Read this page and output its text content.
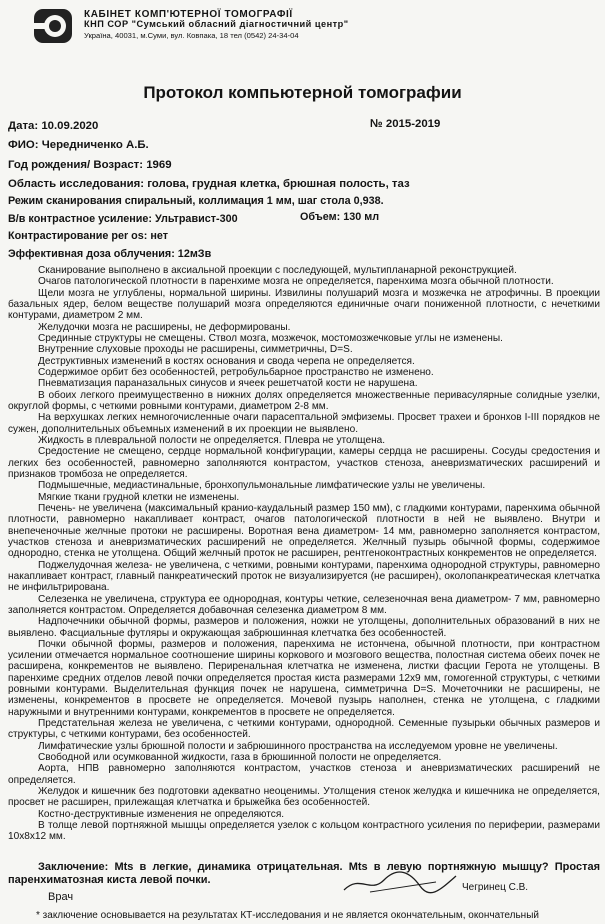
КАБІНЕТ КОМП'ЮТЕРНОЇ ТОМОГРАФІЇ
КНП СОР "Сумський обласний діагностичний центр"
Україна, 40031, м.Суми, вул. Ковпака, 18 тел (0542) 24-34-04
Протокол компьютерной томографии
Дата: 10.09.2020	№ 2015-2019
ФИО: Чередниченко А.Б.
Год рождения/ Возраст: 1969
Область исследования: голова, грудная клетка, брюшная полость, таз
Режим сканирования спиральный, коллимация 1 мм, шаг стола 0,938.
В/в контрастное усиление: Ультравист-300	Объем: 130 мл
Контрастирование per os: нет
Эффективная доза облучения: 12мЗв

Сканирование выполнено в аксиальной проекции с последующей, мультипланарной реконструкцией.

Очагов патологической плотности в паренхиме мозга не определяется, паренхима мозга обычной плотности.

Щели мозга не углублены, нормальной ширины. Извилины полушарий мозга и мозжечка не атрофичны. В проекции базальных ядер, белом веществе полушарий мозга определяются единичные очаги пониженной плотности, с нечеткими контурами, диаметром 2 мм.

Желудочки мозга не расширены, не деформированы.

Срединные структуры не смещены. Ствол мозга, мозжечок, мостомозжечковые углы не изменены.

Внутренние слуховые проходы не расширены, симметричны, D=S.

Деструктивных изменений в костях основания и свода черепа не определяется.

Содержимое орбит без особенностей, ретробульбарное пространство не изменено.

Пневматизация параназальных синусов и ячеек решетчатой кости не нарушена.

В обоих легкого преимущественно в нижних долях определяется множественные перивасулярные солидные узелки, округлой формы, с четкими ровными контурами, диаметром 2-8 мм.

На верхушках легких немногочисленные очаги парасептальной эмфиземы. Просвет трахеи и бронхов I-III порядков не сужен, дополнительных объемных изменений в их проекции не выявлено.

Жидкость в плевральной полости не определяется. Плевра не утолщена.

Средостение не смещено, сердце нормальной конфигурации, камеры сердца не расширены. Сосуды средостения и легких без особенностей, равномерно заполняются контрастом, участков стеноза, аневризматических расширений и признаков тромбоза не определяется.

Подмышечные, медиастинальные, бронхопульмональные лимфатические узлы не увеличены.

Мягкие ткани грудной клетки не изменены.

Печень- не увеличена (максимальный кранио-каудальный размер 150 мм), с гладкими контурами, паренхима обычной плотности, равномерно накапливает контраст, очагов патологической плотности в ней не выявлено. Внутри и внепеченочные желчные протоки не расширены. Воротная вена диаметром- 14 мм, равномерно заполняется контрастом, участков стеноза и аневризматических расширений не определяется. Желчный пузырь обычной формы, содержимое однородно, стенка не утолщена. Общий желчный проток не расширен, рентгеноконтрастных конкрементов не определяется.

Поджелудочная железа- не увеличена, с четкими, ровными контурами, паренхима однородной структуры, равномерно накапливает контраст, главный панкреатический проток не визуализируется (не расширен), околопанкреатическая клетчатка не инфильтрирована.

Селезенка не увеличена, структура ее однородная, контуры четкие, селезеночная вена диаметром- 7 мм, равномерно заполняется контрастом. Определяется добавочная селезенка диаметром 8 мм.

Надпочечники обычной формы, размеров и положения, ножки не утолщены, дополнительных образований в них не выявлено. Фасциальные футляры и окружающая забрюшинная клетчатка без особенностей.

Почки обычной формы, размеров и положения, паренхима не истончена, обычной плотности, при контрастном усилении отмечается нормальное соотношение ширины коркового и мозгового вещества, полостная система обеих почек не расширена, конкрементов не выявлено. Периренальная клетчатка не изменена, листки фасции Герота не утолщены. В паренхиме средних отделов левой почки определяется простая киста размерами 12х9 мм, гомогенной структуры, с четкими ровными контурами. Выделительная функция почек не нарушена, симметрична D=S. Мочеточники не расширены, не изменены, конкрементов в просвете не определяется. Мочевой пузырь наполнен, стенка не утолщена, с гладкими наружными и внутренними контурами, конкрементов в просвете не определяется.

Предстательная железа не увеличена, с четкими контурами, однородной. Семенные пузырьки обычных размеров и структуры, с четкими контурами, без особенностей.

Лимфатические узлы брюшной полости и забрюшинного пространства на исследуемом уровне не увеличены.

Свободной или осумкованной жидкости, газа в брюшинной полости не определяется.

Аорта, НПВ равномерно заполняются контрастом, участков стеноза и аневризматических расширений не определяется.

Желудок и кишечник без подготовки адекватно неоценимы. Утолщения стенок желудка и кишечника не определяется, просвет не расширен, прилежащая клетчатка и брыжейка без особенностей.

Костно-деструктивные изменения не определяются.

В толще левой портняжной мышцы определяется узелок с кольцом контрастного усиления по периферии, размерами 10х8х12 мм.

Заключение: Mts в легкие, динамика отрицательная. Mts в левую портняжную мышцу? Простая паренхиматозная киста левой почки.
Врач
Чегринец С.В.
* заключение основывается на результатах КТ-исследования и не является окончательным, окончательный
